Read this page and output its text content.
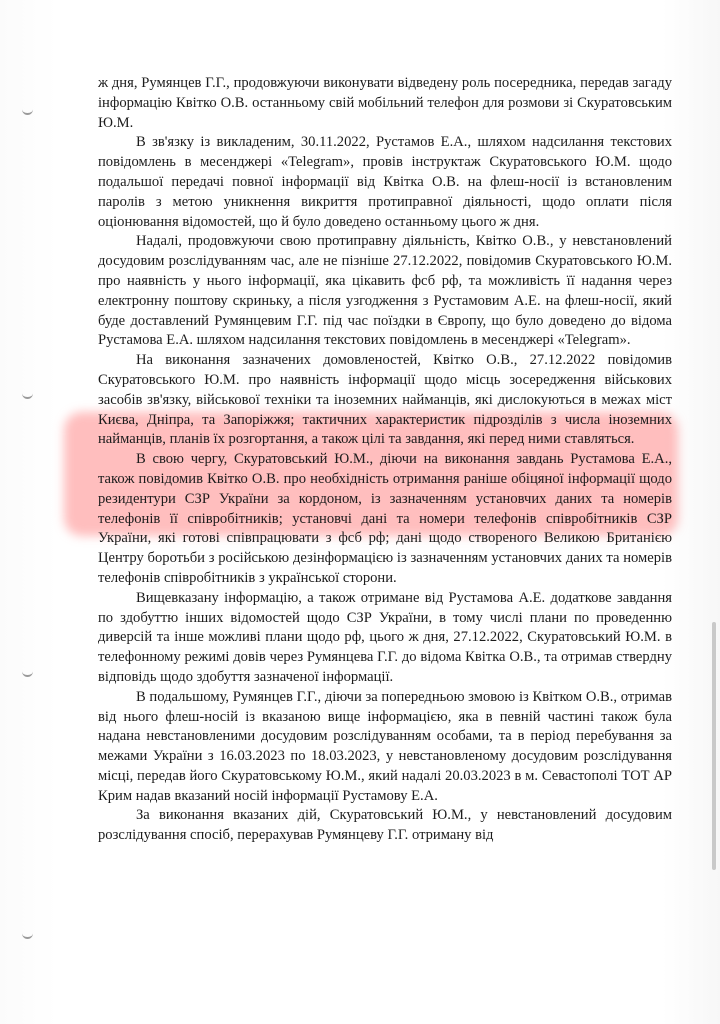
ж дня, Румянцев Г.Г., продовжуючи виконувати відведену роль посередника, передав загаду інформацію Квітко О.В. останньому свій мобільний телефон для розмови зі Скуратовським Ю.М.

В зв'язку із викладеним, 30.11.2022, Рустамов Е.А., шляхом надсилання текстових повідомлень в месенджері «Telegram», провів інструктаж Скуратовського Ю.М. щодо подальшої передачі повної інформації від Квітка О.В. на флеш-носії із встановленим паролів з метою уникнення викриття протиправної діяльності, щодо оплати після оціонювання відомостей, що й було доведено останньому цього ж дня.

Надалі, продовжуючи свою протиправну діяльність, Квітко О.В., у невстановлений досудовим розслідуванням час, але не пізніше 27.12.2022, повідомив Скуратовського Ю.М. про наявність у нього інформації, яка цікавить фсб рф, та можливість її надання через електронну поштову скриньку, а після узгодження з Рустамовим А.Е. на флеш-носії, який буде доставлений Румянцевим Г.Г. під час поїздки в Європу, що було доведено до відома Рустамова Е.А. шляхом надсилання текстових повідомлень в месенджері «Telegram».

На виконання зазначених домовленостей, Квітко О.В., 27.12.2022 повідомив Скуратовського Ю.М. про наявність інформації щодо місць зосередження військових засобів зв'язку, військової техніки та іноземних найманців, які дислокуються в межах міст Києва, Дніпра, та Запоріжжя; тактичних характеристик підрозділів з числа іноземних найманців, планів їх розгортання, а також цілі та завдання, які перед ними ставляться.

В свою чергу, Скуратовський Ю.М., діючи на виконання завдань Рустамова Е.А., також повідомив Квітко О.В. про необхідність отримання раніше обіцяної інформації щодо резидентури СЗР України за кордоном, із зазначенням установчих даних та номерів телефонів її співробітників; установчі дані та номери телефонів співробітників СЗР України, які готові співпрацювати з фсб рф; дані щодо створеного Великою Британією Центру боротьби з російською дезінформацією із зазначенням установчих даних та номерів телефонів співробітників з української сторони.

Вищевказану інформацію, а також отримане від Рустамова А.Е. додаткове завдання по здобуттю інших відомостей щодо СЗР України, в тому числі плани по проведенню диверсій та інше можливі плани щодо рф, цього ж дня, 27.12.2022, Скуратовський Ю.М. в телефонному режимі довів через Румянцева Г.Г. до відома Квітка О.В., та отримав ствердну відповідь щодо здобуття зазначеної інформації.

В подальшому, Румянцев Г.Г., діючи за попередньою змовою із Квітком О.В., отримав від нього флеш-носій із вказаною вище інформацією, яка в певній частині також була надана невстановленими досудовим розслідуванням особами, та в період перебування за межами України з 16.03.2023 по 18.03.2023, у невстановленому досудовим розслідування місці, передав його Скуратовському Ю.М., який надалі 20.03.2023 в м. Севастополі ТОТ АР Крим надав вказаний носій інформації Рустамову Е.А.

За виконання вказаних дій, Скуратовський Ю.М., у невстановлений досудовим розслідування спосіб, перерахував Румянцеву Г.Г. отриману від
